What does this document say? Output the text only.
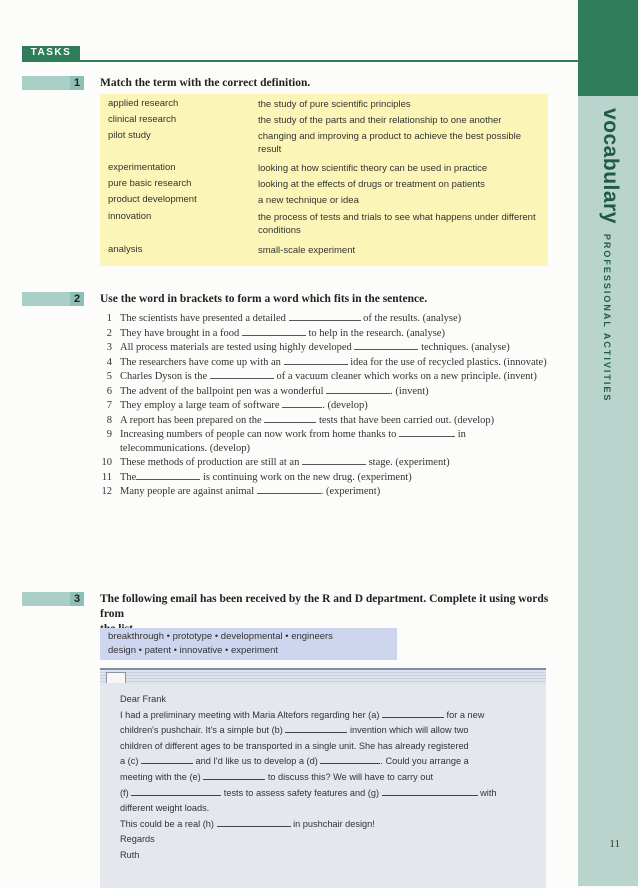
TASKS
1	Match the term with the correct definition.
applied research	the study of pure scientific principles
clinical research	the study of the parts and their relationship to one another
pilot study	changing and improving a product to achieve the best possible result
experimentation	looking at how scientific theory can be used in practice
pure basic research	looking at the effects of drugs or treatment on patients
product development	a new technique or idea
innovation	the process of tests and trials to see what happens under different conditions
analysis	small-scale experiment
2	Use the word in brackets to form a word which fits in the sentence.
1 The scientists have presented a detailed	of the results. (analyse)
2 They have brought in a food	to help in the research. (analyse)
3 All process materials are tested using highly developed	techniques. (analyse)
4 The researchers have come up with an	idea for the use of recycled plastics. (innovate)
5 Charles Dyson is the	of a vacuum cleaner which works on a new principle. (invent)
6 The advent of the ballpoint pen was a wonderful	. (invent)
7 They employ a large team of software	. (develop)
8 A report has been prepared on the	tests that have been carried out. (develop)
9 Increasing numbers of people can now work from home thanks to	in telecommunications. (develop)
10 These methods of production are still at an	stage. (experiment)
11 The	is continuing work on the new drug. (experiment)
12 Many people are against animal	. (experiment)
3	The following email has been received by the R and D department. Complete it using words from
breakthrough • prototype • developmental • engineers
design • patent • innovative • experiment
Dear Frank
I had a preliminary meeting with Maria Altefors regarding her (a)	for a new
children's pushchair. It's a simple but (b)	invention which will allow two
children of different ages to be transported in a single unit. She has already registered
a (c)	and I'd like us to develop a (d)	. Could you arrange a
meeting with the (e)	to discuss this? We will have to carry out
(f)	tests to assess safety features and (g)	with
different weight loads.
This could be a real (h)	in pushchair design!
Regards
Ruth
vocabulary PROFESSIONAL ACTIVITIES
11
